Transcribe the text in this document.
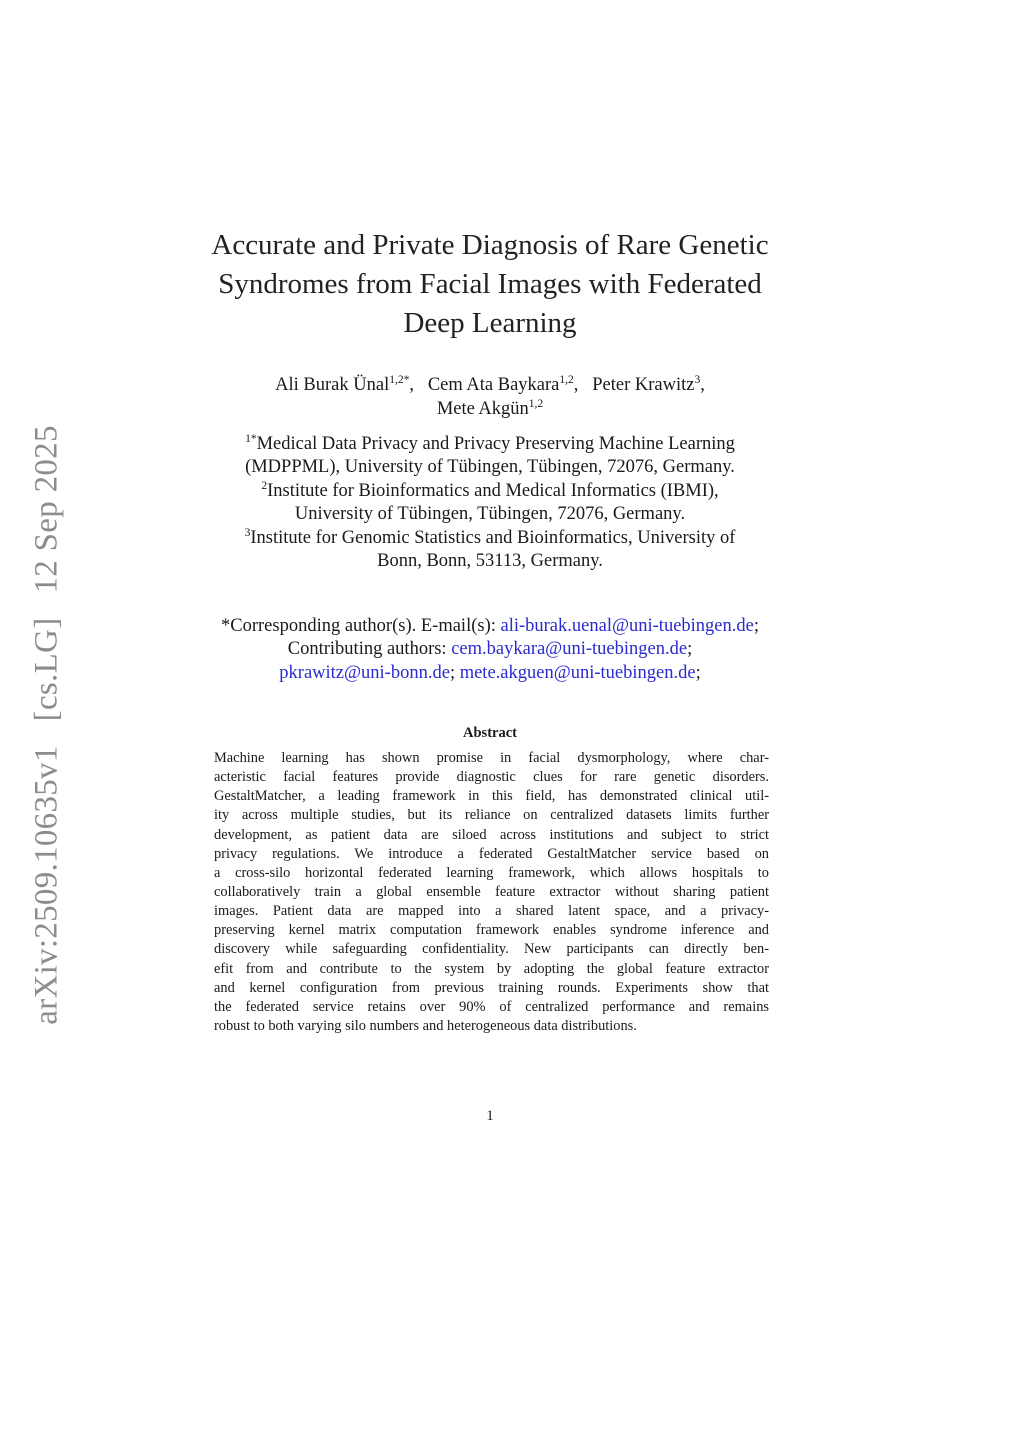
arXiv:2509.10635v1[cs.LG]12 Sep 2025
Accurate and Private Diagnosis of Rare Genetic
Syndromes from Facial Images with Federated
Deep Learning
Ali Burak Ünal$^{1,2*}$, Cem Ata Baykara$^{1,2}$, Peter Krawitz$^3$,
Mete Akgün$^{1,2}$
$^{1*}$Medical Data Privacy and Privacy Preserving Machine Learning
(MDPPML), University of Tübingen, Tübingen, 72076, Germany.
$^2$Institute for Bioinformatics and Medical Informatics (IBMI),
University of Tübingen, Tübingen, 72076, Germany.
$^3$Institute for Genomic Statistics and Bioinformatics, University of
Bonn, Bonn, 53113, Germany.
*Corresponding author(s). E-mail(s): ali-burak.uenal@uni-tuebingen.de;
Contributing authors: cem.baykara@uni-tuebingen.de;
pkrawitz@uni-bonn.de; mete.akguen@uni-tuebingen.de;
Abstract
Machine learning has shown promise in facial dysmorphology, where char-
acteristic facial features provide diagnostic clues for rare genetic disorders.
GestaltMatcher, a leading framework in this field, has demonstrated clinical util-
ity across multiple studies, but its reliance on centralized datasets limits further
development, as patient data are siloed across institutions and subject to strict
privacy regulations. We introduce a federated GestaltMatcher service based on
a cross-silo horizontal federated learning framework, which allows hospitals to
collaboratively train a global ensemble feature extractor without sharing patient
images. Patient data are mapped into a shared latent space, and a privacy-
preserving kernel matrix computation framework enables syndrome inference and
discovery while safeguarding confidentiality. New participants can directly ben-
efit from and contribute to the system by adopting the global feature extractor
and kernel configuration from previous training rounds. Experiments show that
the federated service retains over 90% of centralized performance and remains
robust to both varying silo numbers and heterogeneous data distributions.
1
